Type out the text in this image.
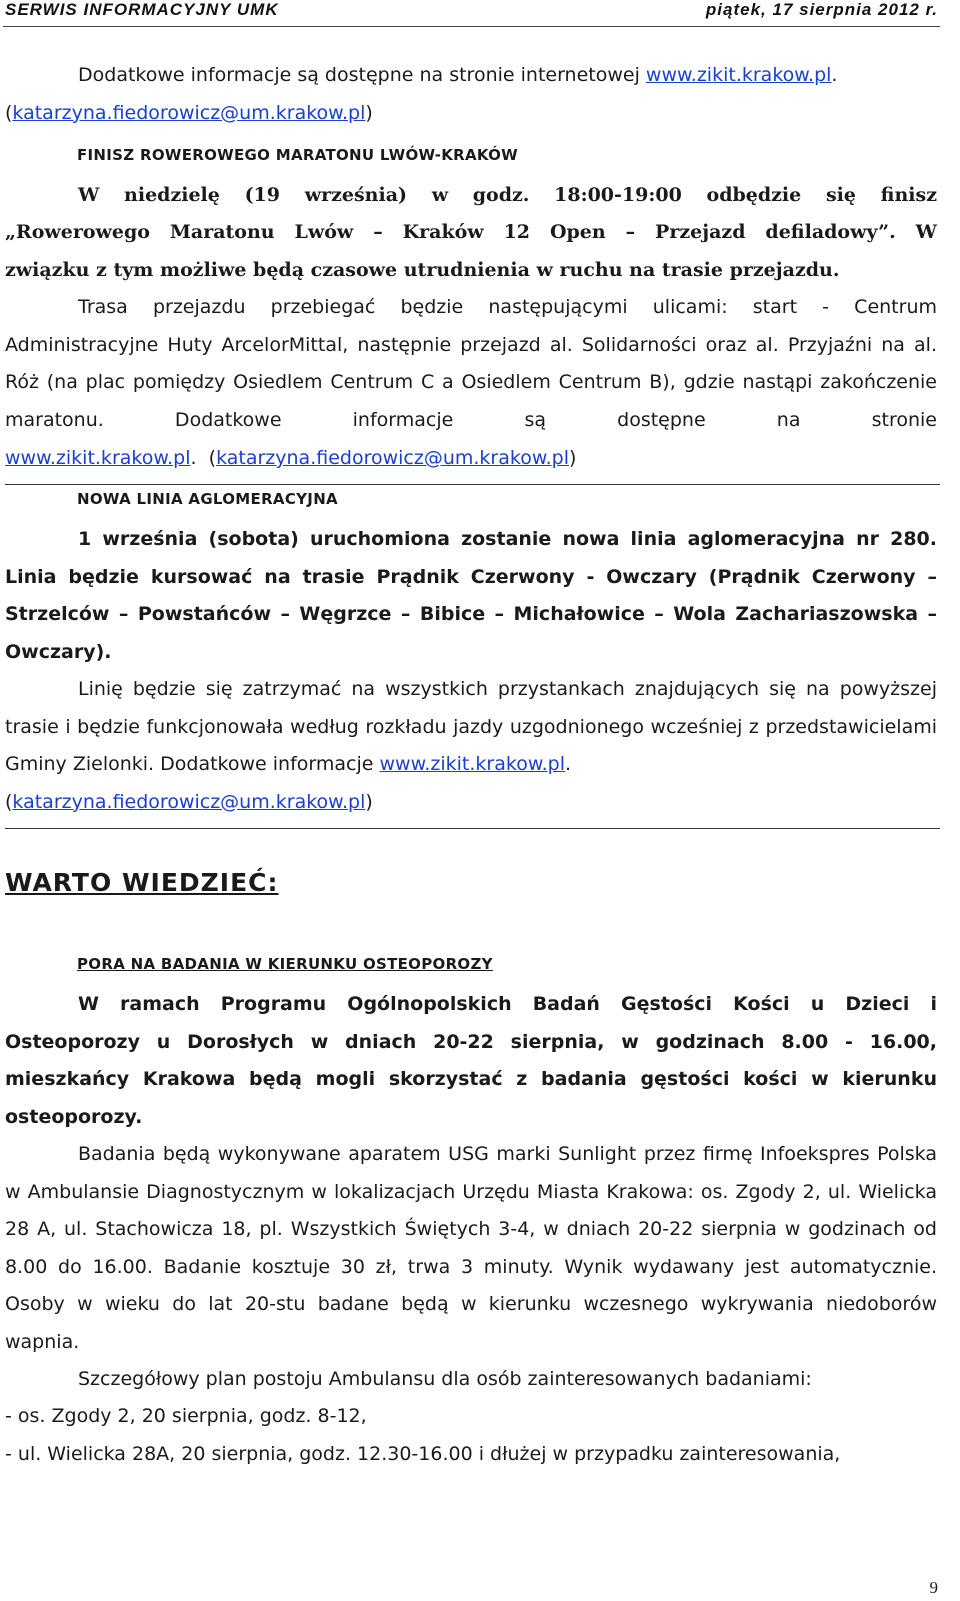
SERWIS INFORMACYJNY UMK	piątek, 17 sierpnia 2012 r.

Dodatkowe informacje są dostępne na stronie internetowej www.zikit.krakow.pl.
(katarzyna.fiedorowicz@um.krakow.pl)

FINISZ ROWEROWEGO MARATONU LWÓW-KRAKÓW

W niedzielę (19 września) w godz. 18:00-19:00 odbędzie się finisz

„Rowerowego Maratonu Lwów – Kraków 12 Open – Przejazd defiladowy”. W

związku z tym możliwe będą czasowe utrudnienia w ruchu na trasie przejazdu.

Trasa przejazdu przebiegać będzie następującymi ulicami: start - Centrum Administracyjne Huty ArcelorMittal, następnie przejazd al. Solidarności oraz al. Przyjaźni na al. Róż (na plac pomiędzy Osiedlem Centrum C a Osiedlem Centrum B), gdzie nastąpi zakończenie maratonu. Dodatkowe informacje są dostępne na stronie

www.zikit.krakow.pl.  (katarzyna.fiedorowicz@um.krakow.pl)

NOWA LINIA AGLOMERACYJNA

1 września (sobota) uruchomiona zostanie nowa linia aglomeracyjna nr 280. Linia będzie kursować na trasie Prądnik Czerwony - Owczary (Prądnik Czerwony – Strzelców – Powstańców – Węgrzce – Bibice – Michałowice – Wola Zachariaszowska – Owczary).

Linię będzie się zatrzymać na wszystkich przystankach znajdujących się na powyższej trasie i będzie funkcjonowała według rozkładu jazdy uzgodnionego wcześniej z przedstawicielami Gminy Zielonki. Dodatkowe informacje www.zikit.krakow.pl.
(katarzyna.fiedorowicz@um.krakow.pl)

WARTO WIEDZIEĆ:

PORA NA BADANIA W KIERUNKU OSTEOPOROZY

W ramach Programu Ogólnopolskich Badań Gęstości Kości u Dzieci i Osteoporozy u Dorosłych w dniach 20-22 sierpnia, w godzinach 8.00 - 16.00, mieszkańcy Krakowa będą mogli skorzystać z badania gęstości kości w kierunku osteoporozy.

Badania będą wykonywane aparatem USG marki Sunlight przez firmę Infoekspres Polska w Ambulansie Diagnostycznym w lokalizacjach Urzędu Miasta Krakowa: os. Zgody 2, ul. Wielicka 28 A, ul. Stachowicza 18, pl. Wszystkich Świętych 3-4, w dniach 20-22 sierpnia w godzinach od 8.00 do 16.00. Badanie kosztuje 30 zł, trwa 3 minuty. Wynik wydawany jest automatycznie. Osoby w wieku do lat 20-stu badane będą w kierunku wczesnego wykrywania niedoborów wapnia.

Szczegółowy plan postoju Ambulansu dla osób zainteresowanych badaniami:

- os. Zgody 2, 20 sierpnia, godz. 8-12,

- ul. Wielicka 28A, 20 sierpnia, godz. 12.30-16.00 i dłużej w przypadku zainteresowania,

9
